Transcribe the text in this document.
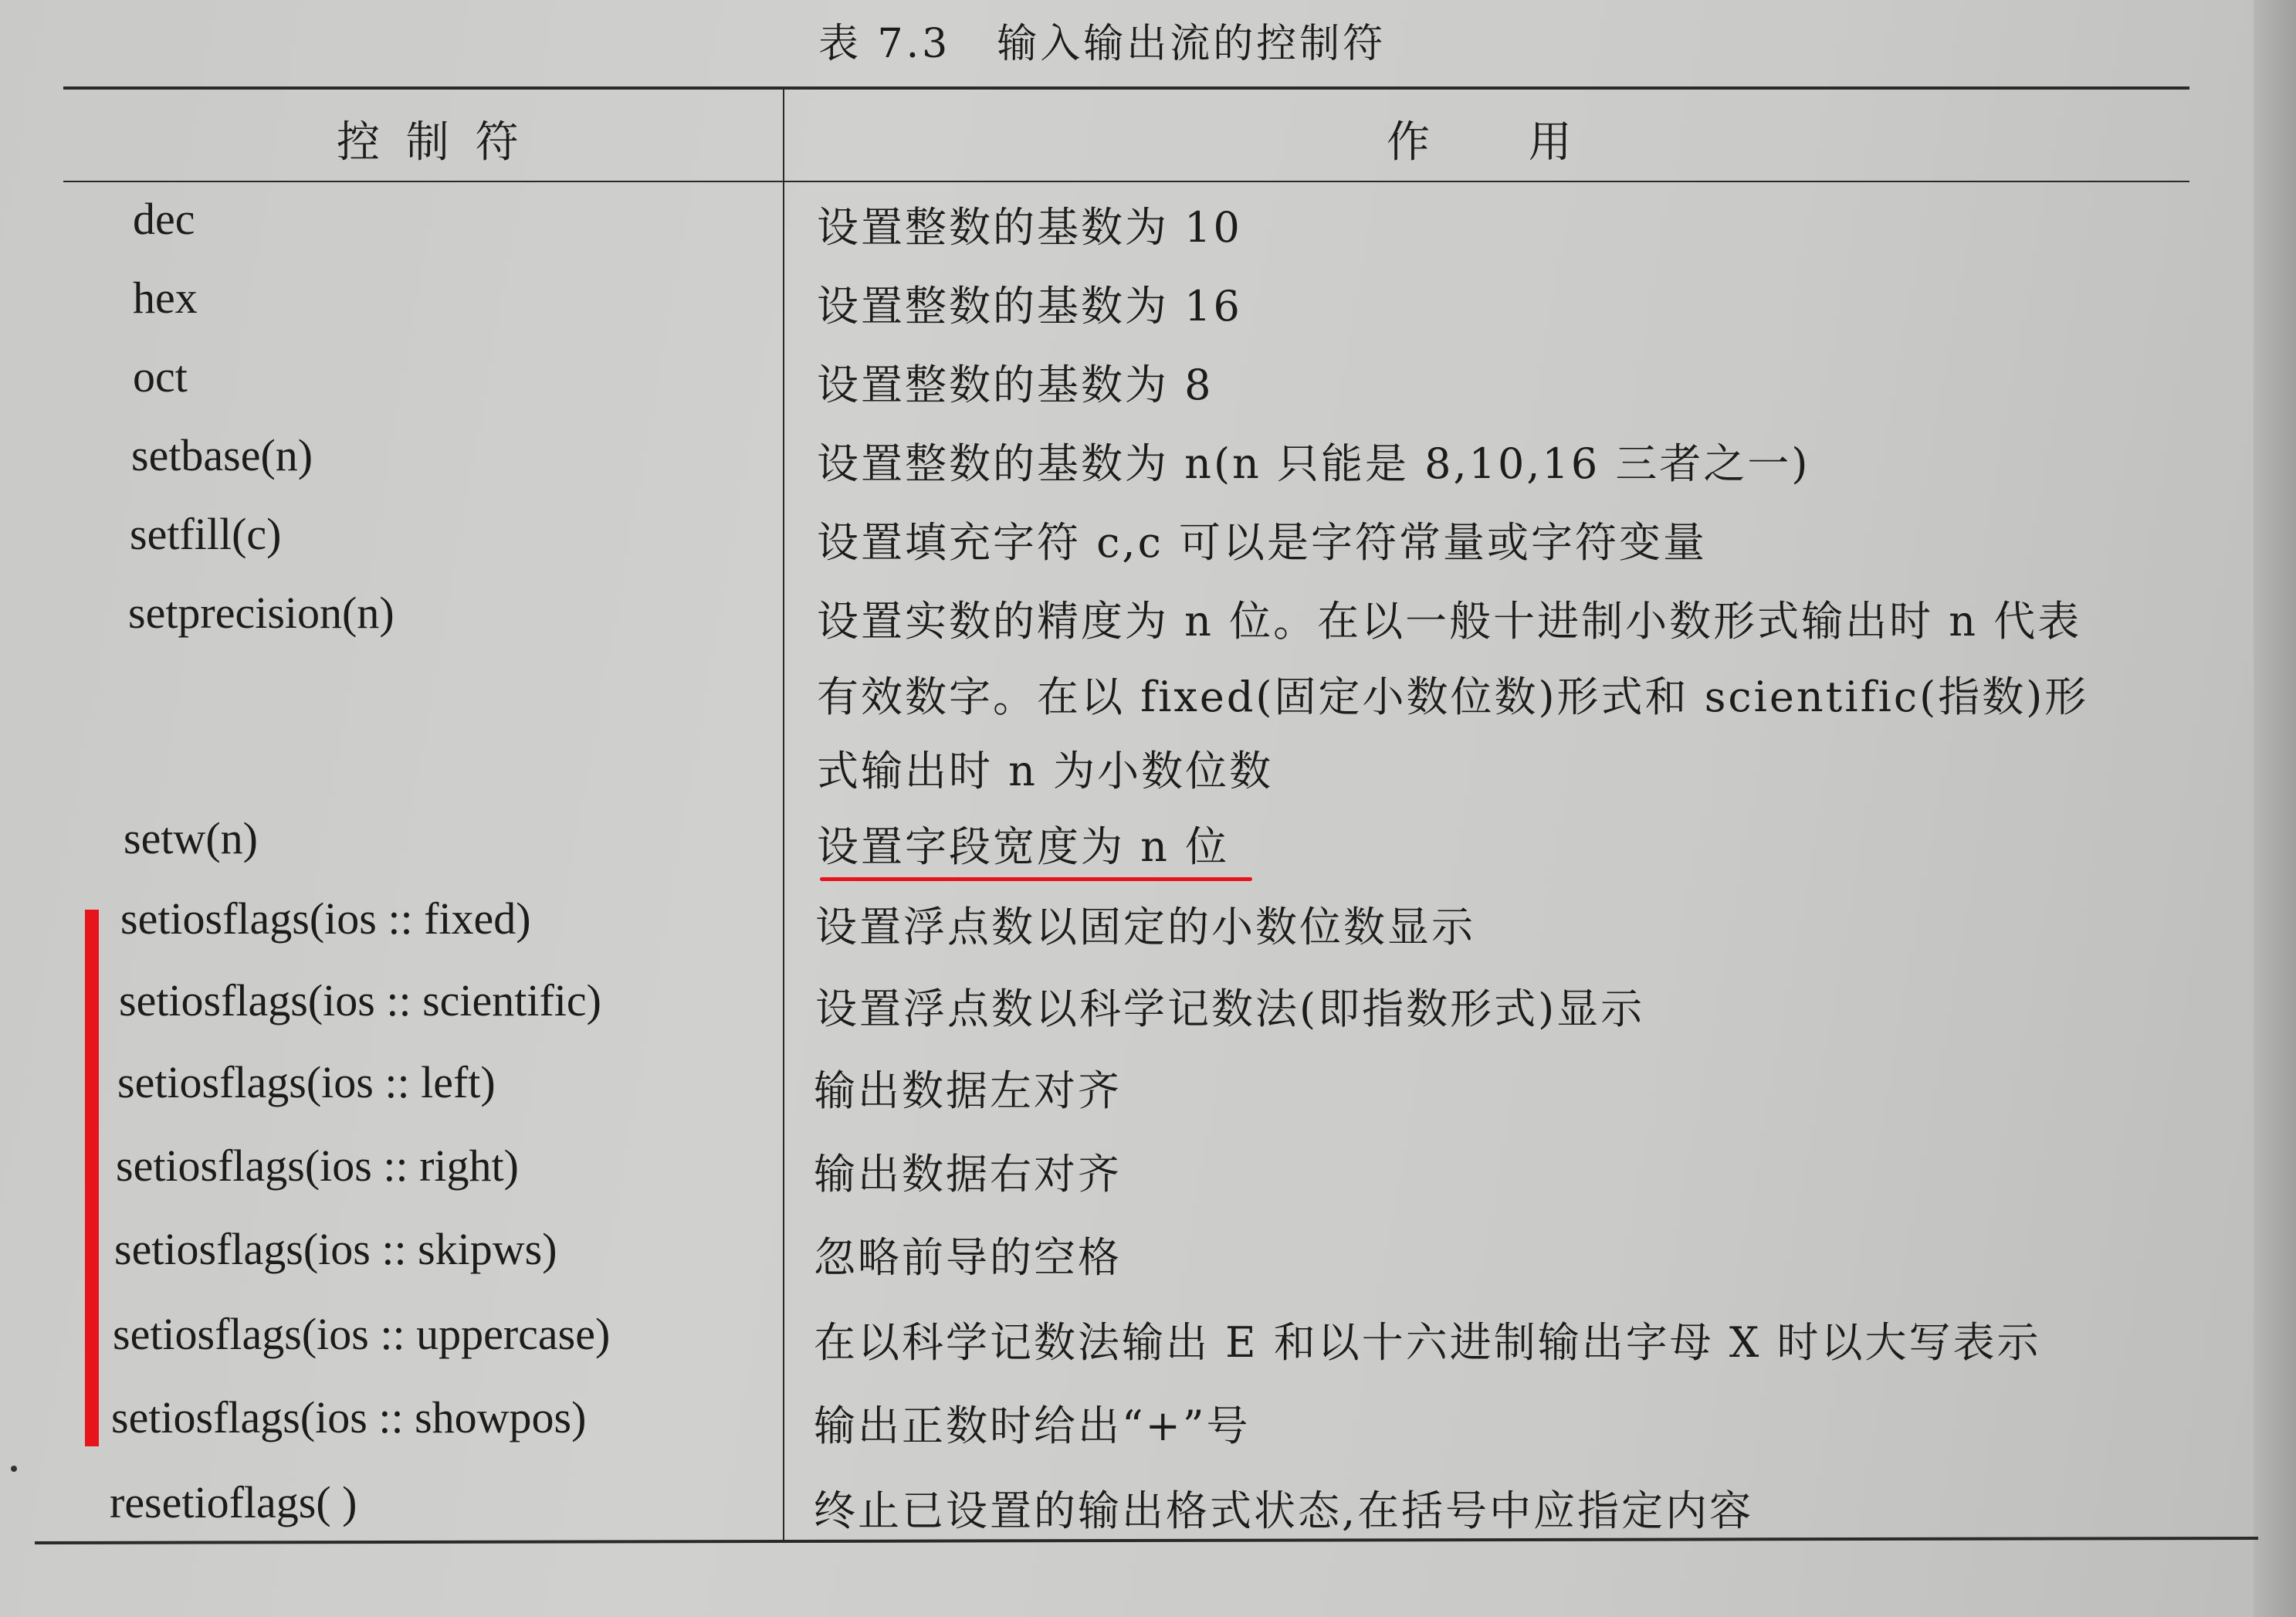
表 7.3 输入输出流的控制符
控 制 符	作 用
dec	设置整数的基数为 10
hex	设置整数的基数为 16
oct	设置整数的基数为 8
setbase(n)	设置整数的基数为 n(n 只能是 8,10,16 三者之一)
setfill(c)	设置填充字符 c,c 可以是字符常量或字符变量
setprecision(n)	设置实数的精度为 n 位。在以一般十进制小数形式输出时 n 代表
有效数字。在以 fixed(固定小数位数)形式和 scientific(指数)形
式输出时 n 为小数位数
setw(n)	设置字段宽度为 n 位
setiosflags(ios :: fixed)	设置浮点数以固定的小数位数显示
setiosflags(ios :: scientific)	设置浮点数以科学记数法(即指数形式)显示
setiosflags(ios :: left)	输出数据左对齐
setiosflags(ios :: right)	输出数据右对齐
setiosflags(ios :: skipws)	忽略前导的空格
setiosflags(ios :: uppercase)	在以科学记数法输出 E 和以十六进制输出字母 X 时以大写表示
setiosflags(ios :: showpos)	输出正数时给出“+”号
resetioflags( )	终止已设置的输出格式状态,在括号中应指定内容
